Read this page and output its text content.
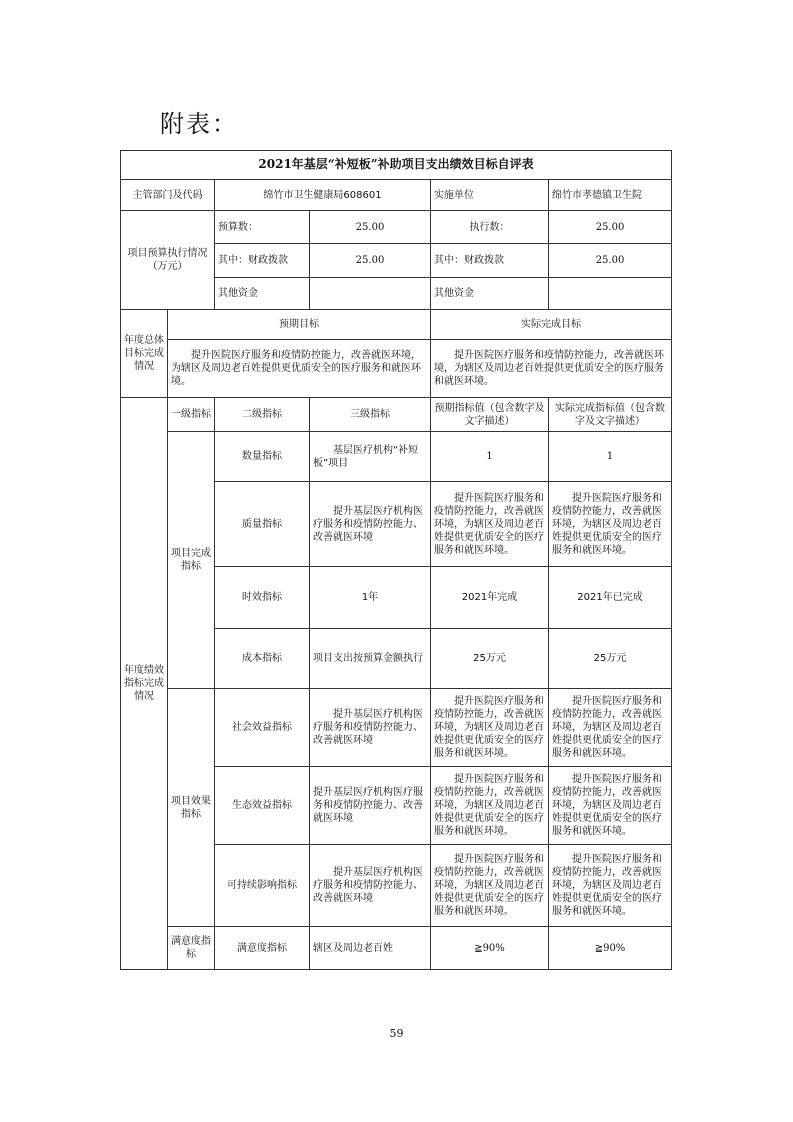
附表：
2021年基层“补短板”补助项目支出绩效目标自评表					
主管部门及代码		绵竹市卫生健康局608601		实施单位	绵竹市孝德镇卫生院
项目预算执行情况（万元）		预算数：	25.00	执行数：	25.00
		其中：财政拨款	25.00	其中：财政拨款	25.00
		其他资金		其他资金	
年度总体目标完成情况	预期目标			实际完成目标	
	提升医院医疗服务和疫情防控能力，改善就医环境，为辖区及周边老百姓提供更优质安全的医疗服务和就医环境。			提升医院医疗服务和疫情防控能力，改善就医环境，为辖区及周边老百姓提供更优质安全的医疗服务和就医环境。	
年度绩效指标完成情况	一级指标	二级指标	三级指标	预期指标值（包含数字及文字描述）	实际完成指标值（包含数字及文字描述）
	项目完成指标	数量指标	基层医疗机构“补短板”项目	1	1
		质量指标	提升基层医疗机构医疗服务和疫情防控能力、改善就医环境	提升医院医疗服务和疫情防控能力，改善就医环境，为辖区及周边老百姓提供更优质安全的医疗服务和就医环境。	提升医院医疗服务和疫情防控能力，改善就医环境，为辖区及周边老百姓提供更优质安全的医疗服务和就医环境。
		时效指标	1年	2021年完成	2021年已完成
		成本指标	项目支出按预算金额执行	25万元	25万元
	项目效果指标	社会效益指标	提升基层医疗机构医疗服务和疫情防控能力、改善就医环境	提升医院医疗服务和疫情防控能力，改善就医环境，为辖区及周边老百姓提供更优质安全的医疗服务和就医环境。	提升医院医疗服务和疫情防控能力，改善就医环境，为辖区及周边老百姓提供更优质安全的医疗服务和就医环境。
		生态效益指标	提升基层医疗机构医疗服务和疫情防控能力、改善就医环境	提升医院医疗服务和疫情防控能力，改善就医环境，为辖区及周边老百姓提供更优质安全的医疗服务和就医环境。	提升医院医疗服务和疫情防控能力，改善就医环境，为辖区及周边老百姓提供更优质安全的医疗服务和就医环境。
		可持续影响指标	提升基层医疗机构医疗服务和疫情防控能力、改善就医环境	提升医院医疗服务和疫情防控能力，改善就医环境，为辖区及周边老百姓提供更优质安全的医疗服务和就医环境。	提升医院医疗服务和疫情防控能力，改善就医环境，为辖区及周边老百姓提供更优质安全的医疗服务和就医环境。
	满意度指标	满意度指标	辖区及周边老百姓	≧90%	≧90%
59
